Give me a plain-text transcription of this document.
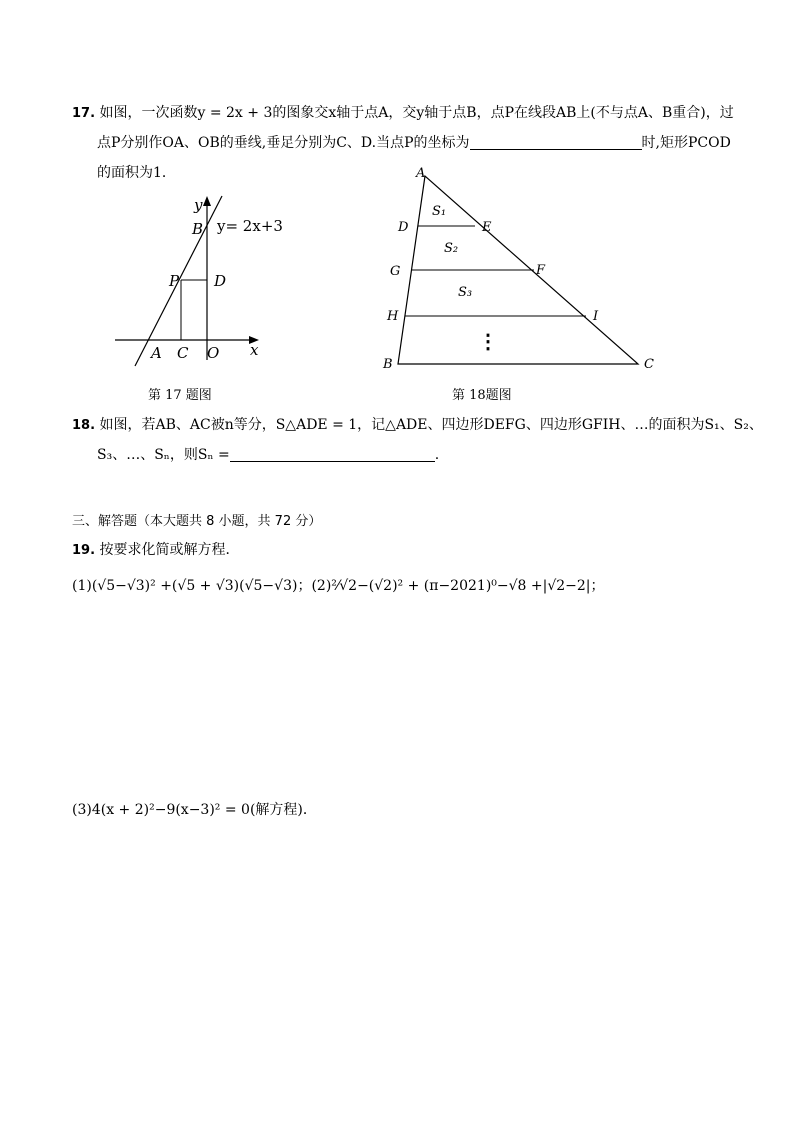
17. 如图，一次函数y = 2x + 3的图象交x轴于点A，交y轴于点B，点P在线段AB上(不与点A、B重合)，过
点P分别作OA、OB的垂线,垂足分别为C、D.当点P的坐标为	时,矩形PCOD
的面积为1．
y
x
B y= 2x+3
P D
A C O
第 17 题图
A
D	E
G	F
H	I
B	C
S₁
S₂
S₃
⋮
第 18题图
18. 如图，若AB、AC被n等分，S△ADE = 1，记△ADE、四边形DEFG、四边形GFIH、…的面积为S₁、S₂、
S₃、…、Sₙ，则Sₙ =	.
三、解答题（本大题共 8 小题，共 72 分）
19. 按要求化简或解方程．
(1)(√5−√3)² +(√5 + √3)(√5−√3)；(2)²⁄√2−(√2)² + (π−2021)⁰−√8 +|√2−2|；
(3)4(x + 2)²−9(x−3)² = 0(解方程)．
